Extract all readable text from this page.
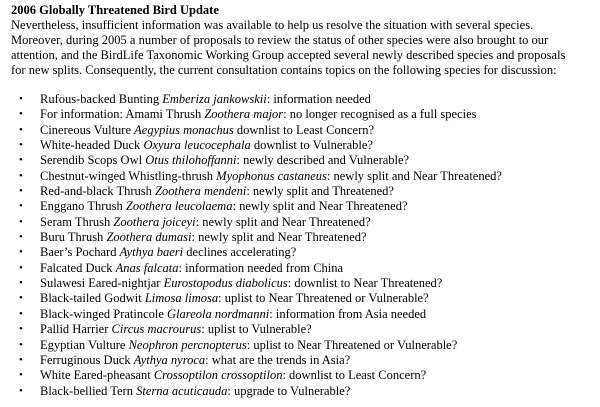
2006 Globally Threatened Bird Update

Nevertheless, insufficient information was available to help us resolve the situation with several species.
Moreover, during 2005 a number of proposals to review the status of other species were also brought to our
attention, and the BirdLife Taxonomic Working Group accepted several newly described species and proposals
for new splits. Consequently, the current consultation contains topics on the following species for discussion:
• Rufous-backed Bunting Emberiza jankowskii: information needed
• For information: Amami Thrush Zoothera major: no longer recognised as a full species
• Cinereous Vulture Aegypius monachus downlist to Least Concern?
• White-headed Duck Oxyura leucocephala downlist to Vulnerable?
• Serendib Scops Owl Otus thilohoffanni: newly described and Vulnerable?
• Chestnut-winged Whistling-thrush Myophonus castaneus: newly split and Near Threatened?
• Red-and-black Thrush Zoothera mendeni: newly split and Threatened?
• Enggano Thrush Zoothera leucolaema: newly split and Near Threatened?
• Seram Thrush Zoothera joiceyi: newly split and Near Threatened?
• Buru Thrush Zoothera dumasi: newly split and Near Threatened?
• Baer’s Pochard Aythya baeri declines accelerating?
• Falcated Duck Anas falcata: information needed from China
• Sulawesi Eared-nightjar Eurostopodus diabolicus: downlist to Near Threatened?
• Black-tailed Godwit Limosa limosa: uplist to Near Threatened or Vulnerable?
• Black-winged Pratincole Glareola nordmanni: information from Asia needed
• Pallid Harrier Circus macrourus: uplist to Vulnerable?
• Egyptian Vulture Neophron percnopterus: uplist to Near Threatened or Vulnerable?
• Ferruginous Duck Aythya nyroca: what are the trends in Asia?
• White Eared-pheasant Crossoptilon crossoptilon: downlist to Least Concern?
• Black-bellied Tern Sterna acuticauda: upgrade to Vulnerable?
